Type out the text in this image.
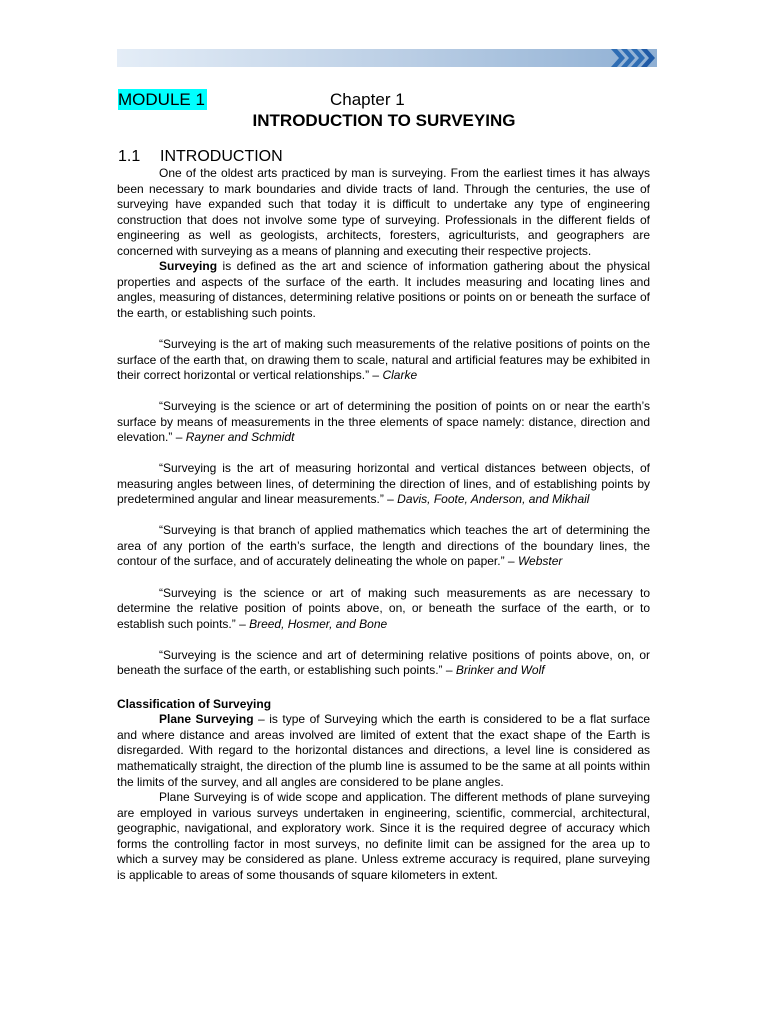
MODULE 1	Chapter 1
INTRODUCTION TO SURVEYING
1.1 INTRODUCTION

One of the oldest arts practiced by man is surveying. From the earliest times it has always been necessary to mark boundaries and divide tracts of land. Through the centuries, the use of surveying have expanded such that today it is difficult to undertake any type of engineering construction that does not involve some type of surveying. Professionals in the different fields of engineering as well as geologists, architects, foresters, agriculturists, and geographers are concerned with surveying as a means of planning and executing their respective projects.

Surveying is defined as the art and science of information gathering about the physical properties and aspects of the surface of the earth. It includes measuring and locating lines and angles, measuring of distances, determining relative positions or points on or beneath the surface of the earth, or establishing such points.

“Surveying is the art of making such measurements of the relative positions of points on the surface of the earth that, on drawing them to scale, natural and artificial features may be exhibited in their correct horizontal or vertical relationships.” – Clarke

“Surveying is the science or art of determining the position of points on or near the earth’s surface by means of measurements in the three elements of space namely: distance, direction and elevation.” – Rayner and Schmidt

“Surveying is the art of measuring horizontal and vertical distances between objects, of measuring angles between lines, of determining the direction of lines, and of establishing points by predetermined angular and linear measurements.” – Davis, Foote, Anderson, and Mikhail

“Surveying is that branch of applied mathematics which teaches the art of determining the area of any portion of the earth’s surface, the length and directions of the boundary lines, the contour of the surface, and of accurately delineating the whole on paper.” – Webster

“Surveying is the science or art of making such measurements as are necessary to determine the relative position of points above, on, or beneath the surface of the earth, or to establish such points.” – Breed, Hosmer, and Bone

“Surveying is the science and art of determining relative positions of points above, on, or beneath the surface of the earth, or establishing such points.” – Brinker and Wolf

Classification of Surveying

Plane Surveying – is type of Surveying which the earth is considered to be a flat surface and where distance and areas involved are limited of extent that the exact shape of the Earth is disregarded. With regard to the horizontal distances and directions, a level line is considered as mathematically straight, the direction of the plumb line is assumed to be the same at all points within the limits of the survey, and all angles are considered to be plane angles.

Plane Surveying is of wide scope and application. The different methods of plane surveying are employed in various surveys undertaken in engineering, scientific, commercial, architectural, geographic, navigational, and exploratory work. Since it is the required degree of accuracy which forms the controlling factor in most surveys, no definite limit can be assigned for the area up to which a survey may be considered as plane. Unless extreme accuracy is required, plane surveying is applicable to areas of some thousands of square kilometers in extent.
